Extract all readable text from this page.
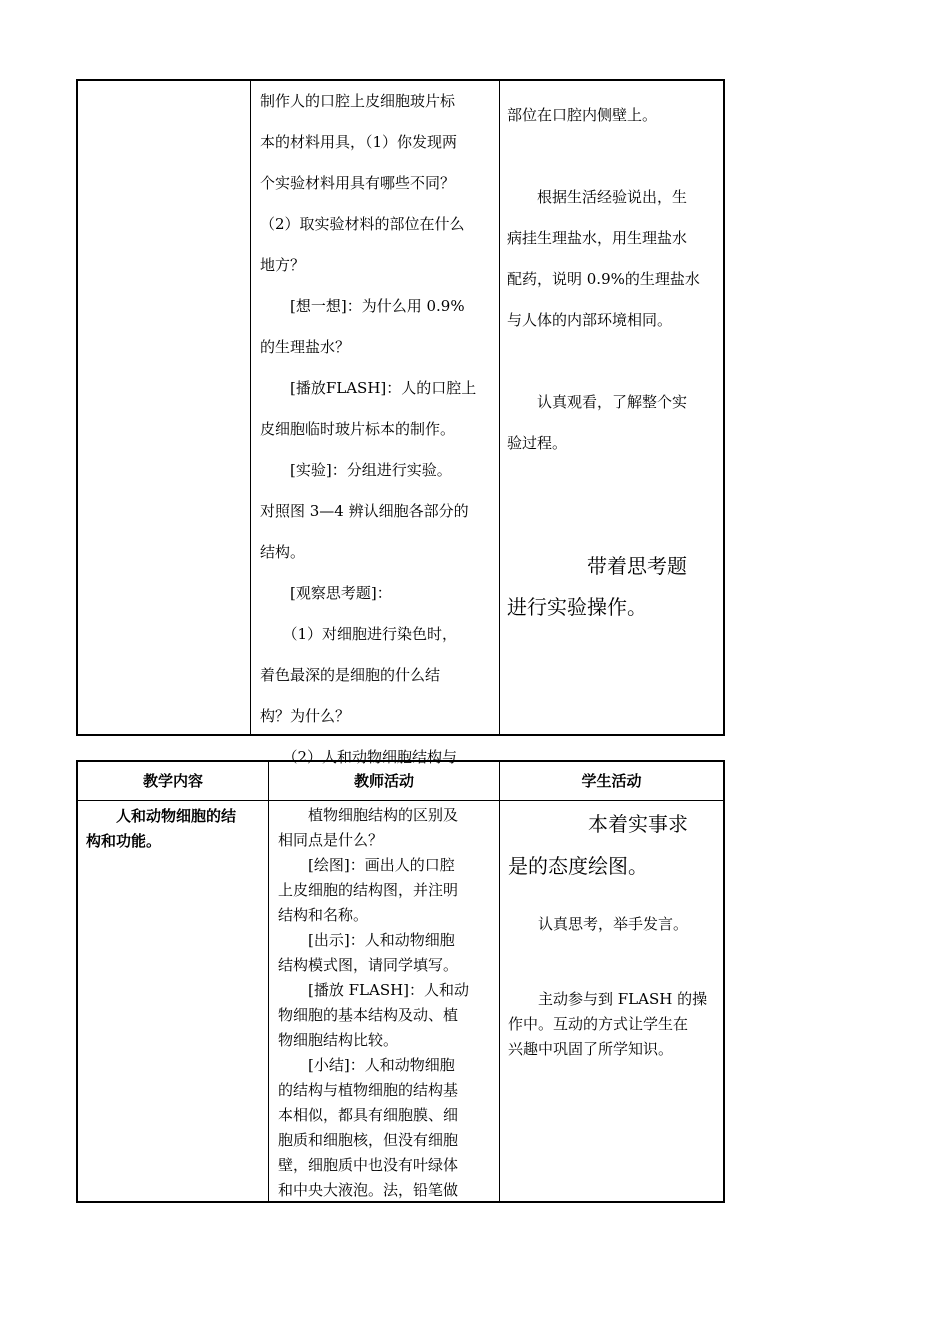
制作人的口腔上皮细胞玻片标

本的材料用具，（1）你发现两

个实验材料用具有哪些不同？

（2）取实验材料的部位在什么

地方？

　　[想一想]：为什么用 0.9%

的生理盐水？

　　[播放FLASH]：人的口腔上

皮细胞临时玻片标本的制作。

　　[实验]：分组进行实验。

对照图 3—4 辨认细胞各部分的

结构。

　　[观察思考题]：

　　（1）对细胞进行染色时，

着色最深的是细胞的什么结

构？为什么？

　　（2）人和动物细胞结构与

部位在口腔内侧壁上。

　　根据生活经验说出，生

病挂生理盐水，用生理盐水

配药，说明 0.9%的生理盐水

与人体的内部环境相同。

　　认真观看，了解整个实

验过程。

　　　　带着思考题

进行实验操作。

教学内容	教师活动	学生活动

　　人和动物细胞的结

构和功能。

　　植物细胞结构的区别及

相同点是什么？

　　[绘图]：画出人的口腔

上皮细胞的结构图，并注明

结构和名称。

　　[出示]：人和动物细胞

结构模式图，请同学填写。

　　[播放 FLASH]：人和动

物细胞的基本结构及动、植

物细胞结构比较。

　　[小结]：人和动物细胞

的结构与植物细胞的结构基

本相似，都具有细胞膜、细

胞质和细胞核，但没有细胞

壁，细胞质中也没有叶绿体

和中央大液泡。法，铅笔做

　　　　本着实事求

是的态度绘图。

　　认真思考，举手发言。

　　主动参与到 FLASH 的操

作中。互动的方式让学生在

兴趣中巩固了所学知识。
